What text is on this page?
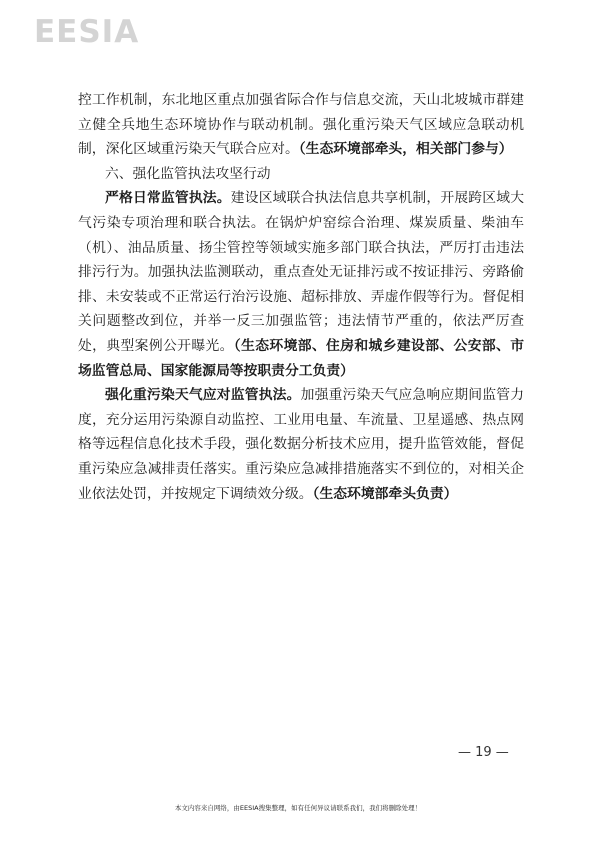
EESIA

控工作机制，东北地区重点加强省际合作与信息交流，天山北坡城市群建立健全兵地生态环境协作与联动机制。强化重污染天气区域应急联动机制，深化区域重污染天气联合应对。（生态环境部牵头，相关部门参与）

六、强化监管执法攻坚行动

严格日常监管执法。建设区域联合执法信息共享机制，开展跨区域大气污染专项治理和联合执法。在锅炉炉窑综合治理、煤炭质量、柴油车（机）、油品质量、扬尘管控等领域实施多部门联合执法，严厉打击违法排污行为。加强执法监测联动，重点查处无证排污或不按证排污、旁路偷排、未安装或不正常运行治污设施、超标排放、弄虚作假等行为。督促相关问题整改到位，并举一反三加强监管；违法情节严重的，依法严厉查处，典型案例公开曝光。（生态环境部、住房和城乡建设部、公安部、市场监管总局、国家能源局等按职责分工负责）

强化重污染天气应对监管执法。加强重污染天气应急响应期间监管力度，充分运用污染源自动监控、工业用电量、车流量、卫星遥感、热点网格等远程信息化技术手段，强化数据分析技术应用，提升监管效能，督促重污染应急减排责任落实。重污染应急减排措施落实不到位的，对相关企业依法处罚，并按规定下调绩效分级。（生态环境部牵头负责）

— 19 —
本文内容来自网络，由EESIA搜集整理，如有任何异议请联系我们，我们将删除处理！
